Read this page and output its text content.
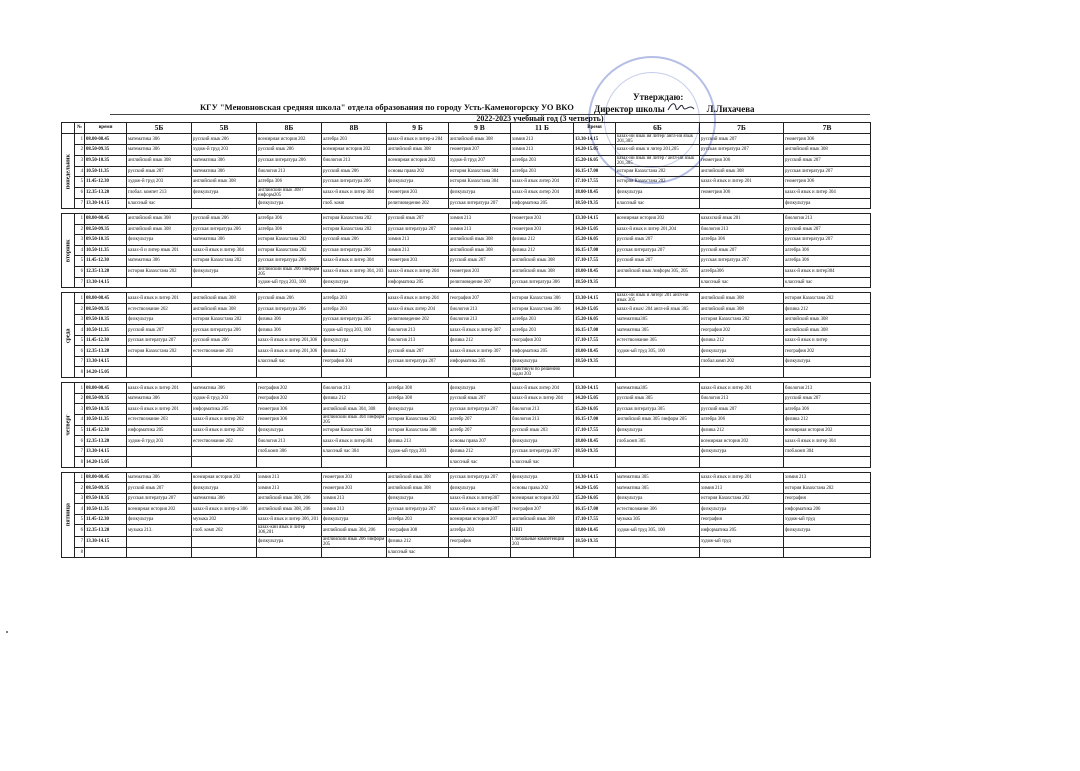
Утверждаю:
Директор школы	Л.Лихачева
КГУ "Меновновская средняя школа" отдела образования по городу Усть-Каменогорску УО ВКО
2022-2023 учебный год (3 четверть)
	№	время	5Б	5В	8Б	8В	9 Б	9 В	11 Б	Время	6Б	7Б	7В
понедельник	1	08.00-08.45	математика 306	русский язык 206	всемирная история 202	алгебра 203	казах-й язык и литер-а 204	английский язык 308	химия 213	13.30-14.15	казах-ий язык ия литер/ англ-ий язык 201,305	русский язык 207	геометрия 306
	2	08.50-09.35	математика 306	худож-й труд 203	русский язык 206	всемирная история 202	английский язык 308	геометрия 207	химия 213	14.20-15.05	казах-ий язык и литер 201,205	русская литература 207	английский язык 308
	3	09.50-10.35	английский язык 308	математика 306	русская литература 206	биология 213	всемирная история 202	худож-й труд 207	алгебра 203	15.20-16.05	казах-ий язык ия литер / англ-ий язык 201,305	геометрия 306	русский язык 207
	4	10.50-11.35	русский язык 207	математика 306	биология 213	русский язык 206	основы права 202	история Казахстана 304	алгебра 203	16.15-17.00	история Казахстана 202	английский язык 308	русская литература 207
	5	11.45-12.30	худож-й труд 203	английский язык 308	алгебра 306	русская литература 206	физкультура	история Казахстана 304	казах-й язык литер 204	17.10-17.55	история Казахстана 202	казах-й язык и литер 201	геометрия 306
	6	12.35-13.20	глобал. компет 213	физкультура	английский язык 308 /информ205	казах-й язык и литер 304	геометрия 203	физкультура	казах-й язык литер 204	18.00-18.45	физкультура	геометрия 306	казах-й язык и литер 304
	7	13.30-14.15	классный час		физкультура	глоб. комп	религиоведение 202	русская литература 207	информатика 205	18.50-19.35	классный час		физкультура

вторник	1	08.00-08.45	английский язык 308	русский язык 206	алгебра 306	история Казахстана 202	русский язык 207	химия 213	геометрия 203	13.30-14.15	всемирная история 202	казахский язык 201	биология 213
	2	08.50-09.35	английский язык 308	русская литература 206	алгебра 306	история Казахстана 202	русская литература 207	химия 213	геометрия 203	14.20-15.05	казах-й язык и литер 201,204	биология 213	русский язык 207
	3	09.50-10.35	физкультура	математика 306	история Казахстана 202	русский язык 206	химия 213	английский язык 308	физика 212	15.20-16.05	русский язык 207	алгебра 306	русская литература 207
	4	10.50-11.35	казах-й и литер язык 201	казах-й язык и литер 304	история Казахстана 202	русская литература 206	химия 213	английский язык 308	физика 212	16.15-17.00	русская литература 207	русский язык 207	алгебра 306
	5	11.45-12.30	математика 306	история Казахстана 202	русская литература 206	казах-й язык и литер 304	геометрия 203	русский язык 207	английский язык 308	17.10-17.55	русский язык 207	русская литература 207	алгебра 306
	6	12.35-13.20	история Казахстана 202	физкультура	английский язык 206 /информ 205	казах-й язык и литер 304, 203	казах-й язык и литер 204	геометрия 203	английский язык 308	18.00-18.45	английский язык /информ 305, 205	алгебра306	казах-й язык и литер304
	7	13.30-14.15			худож-ый труд 203, 100	физкультура	информатика 205	религиоведение 207	русская литература 306	18.50-19.35		классный час	классный час

среда	1	08.00-08.45	казах-й язык и литер 201	английский язык 308	русский язык 206	алгебра 203	казах-й язык и литер 204	география 207	история Казахстана 306	13.30-14.15	казах-ий язык и литер/ 201 англ-ий язык 305	английский язык 308	история Казахстана 202
	2	08.50-09.35	естествознание 202	английский язык 308	русская литература 206	алгебра 203	казах-й язык литер 204	биология 213	история Казахстана 306	14.20-15.05	казах-й язык/ 204 англ-ий язык 305	английский язык 308	физика 212
	3	09.50-10.35	физкультура	история Казахстана 202	физика 306	русская литература 205	религиоведение 202	биология 213	алгебра 203	15.20-16.05	математика305	история Казахстана 202	английский язык 308
	4	10.50-11.35	русский язык 207	русская литература 206	физика 306	худож-ый труд 203, 100	биология 213	казах-й язык и литер 307	алгебра 203	16.15-17.00	математика 305	география 202	английский язык 308
	5	11.45-12.30	русская литература 207	русский язык 206	казах-й язык и литер 201,306	физкультура	биология 213	физика 212	география 203	17.10-17.55	естествознание 305	физика 212	казах-й язык и литер
	6	12.35-13.20	история Казахстана 202	естествознание 203	казах-й язык и литер 201,306	физика 212	русский язык 207	казах-й язык и литер 307	информатика 205	18.00-18.45	худож-ый труд 305, 100	физкультура	география 202
	7	13.30-14.15			классный час	география 304	русская литература 207	информатика 205	физкультура	18.50-19.35		глобал.комп 202	физкультура
	8	14.20-15.05							практикум по решению задач 203				

четверг	1	08.00-08.45	казах-й язык и литер 201	математика 306	география 202	биология 213	алгебра 308	физкультура	казах-й язык литер 204	13.30-14.15	математика305	казах-й язык и литер 201	биология 213
	2	08.50-09.35	математика 306	худож-й труд 203	география 202	физика 212	алгебра 308	русский язык 207	казах-й язык и литер 204	14.20-15.05	русский язык 305	биология 213	русский язык 207
	3	09.50-10.35	казах-й язык и литер 201	информатика 205	геометрия 306	английский язык 304, 308	физкультура	русская литература 207	биология 213	15.20-16.05	русская литература 305	русский язык 207	алгебра 306
	4	10.50-11.35	естествознание 203	казах-й язык и литер 202	геометрия 306	английский язык 304 /информ 205	история Казахстана 202	алгебр 207	биология 213	16.15-17.00	английский язык 305 /информ 205	алгебра 306	физика 212
	5	11.45-12.30	информатика 205	казах-й язык и литер 202	физкультура	история Казахстана 304	история Казахстана 308	алгебр 207	русский язык 203	17.10-17.55	физкультура	физика 212	всемирная история 202
	6	12.35-13.20	худож-й труд 203	естествознание 202	биология 213	казах-й язык и литер304	физика 213	основы права 207	физкультура	18.00-18.45	глоб.комп 305	всемирная история 202	казах-й язык и литер 304
	7	13.30-14.15			глоб.комп 306	классный час 304	худож-ый труд 203	физика 212	русская литература 207	18.50-19.35		физкультура	глоб.комп 304
	8	14.20-15.05						классный час	классный час				

пятница	1	08.00-08.45	математика 306	всемирная история 202	химия 213	геометрия 203	английский язык 308	русская литература 207	физкультура	13.30-14.15	математика 305	казах-й язык и литер 201	химия 213
	2	08.50-09.35	русский язык 207	физкультура	химия 213	геометрия 203	английский язык 308	физкультура	основы права 202	14.20-15.05	математика 305	химия 213	история Казахстана 202
	3	09.50-10.35	русская литература 207	математика 306	английский язык 308, 206	химия 213	физкультура	казах-й язык и литер307	всемирная история 202	15.20-16.05	физкультура	история Казахстана 202	география
	4	10.50-11.35	всемирная история 202	казах-й язык и литер-а 306	английский язык 308, 206	химия 213	русская литература 207	казах-й язык и литер307	география 207	16.15-17.00	естествознание 306	физкультура	информатика 206
	5	11.45-12.30	физкультура	музыка 202	казах-й язык и литер 306, 201	физкультура	алгебра 203	всемирная история 207	английский язык 308	17.10-17.55	музыка 305	география	худож-ый труд
	6	12.35-13.20	музыка 213.	глоб. комп 202	казах-кий язык и литер 306,201	английский язык 304, 206	география 308	алгебра 203	НВП	18.00-18.45	худож-ый труд 305, 100	информатика 205	физкультура
	7	13.30-14.15			физкультура	английский язык 206 /информ 205	физика 212	география	Глобальные компетенции 203	18.50-19.35		худож-ый труд	
	8						классный час						
